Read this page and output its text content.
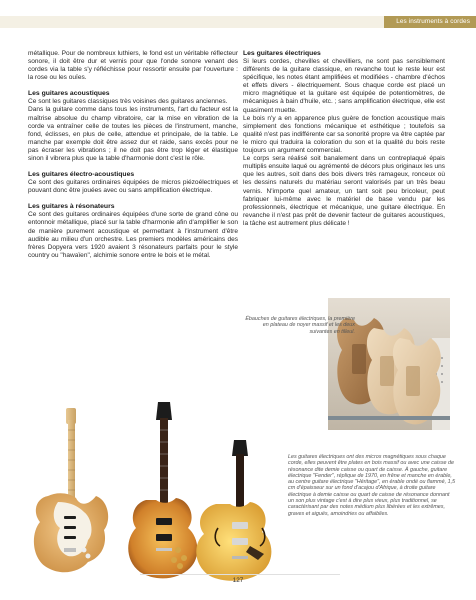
Les instruments à cordes

métallique. Pour de nombreux luthiers, le fond est un véritable réflecteur sonore, il doit être dur et vernis pour que l'onde sonore venant des cordes via la table s'y réfléchisse pour ressortir ensuite par l'ouverture : la rose ou les ouïes.

Les guitares acoustiques

Ce sont les guitares classiques très voisines des guitares anciennes.

Dans la guitare comme dans tous les instruments, l'art du facteur est la maîtrise absolue du champ vibratoire, car la mise en vibration de la corde va entraîner celle de toutes les pièces de l'instrument, manche, fond, éclisses, en plus de celle, attendue et principale, de la table. Le manche par exemple doit être assez dur et raide, sans excès pour ne pas écraser les vibrations ; il ne doit pas être trop léger et élastique sinon il vibrera plus que la table d'harmonie dont c'est le rôle.

Les guitares électro-acoustiques

Ce sont des guitares ordinaires équipées de micros piézoélectriques et pouvant donc être jouées avec ou sans amplification électrique.

Les guitares à résonateurs

Ce sont des guitares ordinaires équipées d'une sorte de grand cône ou entonnoir métallique, placé sur la table d'harmonie afin d'amplifier le son de manière purement acoustique et permettant à l'instrument d'être audible au milieu d'un orchestre. Les premiers modèles américains des frères Dopyera vers 1920 avaient 3 résonateurs parfaits pour le style country ou "hawaïen", alchimie sonore entre le bois et le métal.

Les guitares électriques

Si leurs cordes, chevilles et chevilliers, ne sont pas sensiblement différents de la guitare classique, en revanche tout le reste leur est spécifique, les notes étant amplifiées et modifiées - chambre d'échos et effets divers - électriquement. Sous chaque corde est placé un micro magnétique et la guitare est équipée de potentiomètres, de mécaniques à bain d'huile, etc. ; sans amplification électrique, elle est quasiment muette.

Le bois n'y a en apparence plus guère de fonction acoustique mais simplement des fonctions mécanique et esthétique ; toutefois sa qualité n'est pas indifférente car sa sonorité propre va être captée par le micro qui traduira la coloration du son et la qualité du bois reste toujours un argument commercial.

Le corps sera réalisé soit banalement dans un contreplaqué épais multiplis ensuite laqué ou agrémenté de décors plus originaux les uns que les autres, soit dans des bois divers très ramageux, ronceux où les dessins naturels du matériau seront valorisés par un très beau vernis. N'importe quel amateur, un tant soit peu bricoleur, peut fabriquer lui-même avec le matériel de base vendu par les professionnels, électrique et mécanique, une guitare électrique. En revanche il n'est pas prêt de devenir facteur de guitares acoustiques, la tâche est autrement plus délicate !

Ébauches de guitares électriques, la première en plateau de noyer massif et les deux suivantes en tilleul.
Les guitares électriques ont des micros magnétiques sous chaque corde, elles peuvent être plates en bois massif ou avec une caisse de résonance dite demie caisse ou quart de caisse. À gauche, guitare électrique "Fender", réplique de 1970, en frêne et manche en érable, au centre guitare électrique "Héritage", en érable ondé ou flammé, 1,5 cm d'épaisseur sur un fond d'acajou d'Afrique, à droite guitare électrique à demie caisse ou quart de caisse de résonance donnant un son plus vintage c'est à dire plus vieux, plus traditionnel, se caractérisant par des notes médium plus libérées et les extrêmes, graves et aiguës, amoindries ou affaiblies.
127
